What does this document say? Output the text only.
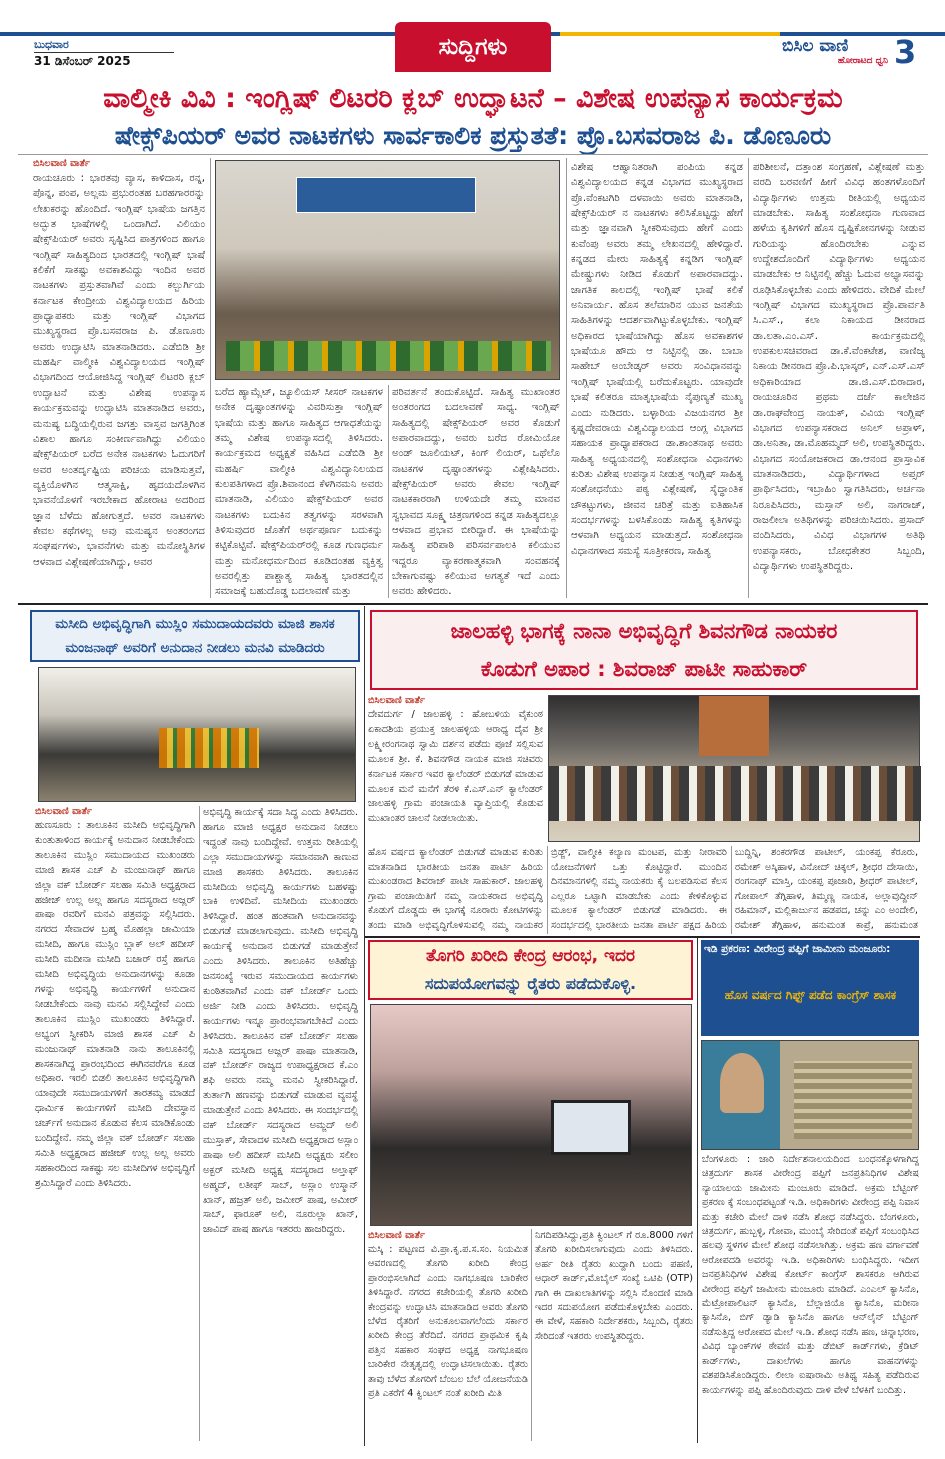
ಬುಧವಾರ
31 ಡಿಸೆಂಬರ್ 2025
ಸುದ್ದಿಗಳು	ಬಿಸಿಲ ವಾಣಿ
ಹೋರಾಟದ ಧ್ವನಿ 3
ವಾಲ್ಮೀಕಿ ವಿವಿ : ಇಂಗ್ಲಿಷ್ ಲಿಟರರಿ ಕ್ಲಬ್ ಉದ್ಘಾಟನೆ – ವಿಶೇಷ ಉಪನ್ಯಾಸ ಕಾರ್ಯಕ್ರಮ
ಷೇಕ್ಸ್‌ಪಿಯರ್ ಅವರ ನಾಟಕಗಳು ಸಾರ್ವಕಾಲಿಕ ಪ್ರಸ್ತುತತೆ: ಪ್ರೊ.ಬಸವರಾಜ ಪಿ. ಡೊಣೂರು
ಬಿಸಿಲವಾಣಿ ವಾರ್ತೆ
ರಾಯಚೂರು : ಭಾರತವು ವ್ಯಾಸ, ಕಾಳಿದಾಸ, ರನ್ನ, ಪೊನ್ನ, ಪಂಪ, ಅಲ್ಲಮ ಪ್ರಭುರಂತಹ ಬರಹಗಾರರನ್ನು ಲೇಖಕರನ್ನು ಹೊಂದಿದೆ. ಇಂಗ್ಲಿಷ್ ಭಾಷೆಯ ಜಗತ್ತಿನ ಅದ್ಭುತ ಭಾಷೆಗಳಲ್ಲಿ ಒಂದಾಗಿದೆ. ವಿಲಿಯಂ ಷೇಕ್ಸ್‌ಪಿಯರ್ ಅವರು ಸೃಷ್ಟಿಸಿದ ಪಾತ್ರಗಳಿಂದ ಹಾಗೂ ಇಂಗ್ಲಿಷ್ ಸಾಹಿತ್ಯದಿಂದ ಭಾರತದಲ್ಲಿ ಇಂಗ್ಲಿಷ್ ಭಾಷೆ ಕಲಿಕೆಗೆ ಸಾಕಷ್ಟು ಅವಕಾಶವಿದ್ದು ಇಂದಿನ ಅವರ ನಾಟಕಗಳು ಪ್ರಸ್ತುತವಾಗಿವೆ ಎಂದು ಕಲ್ಬುರ್ಗಿಯ ಕರ್ನಾಟಕ ಕೇಂದ್ರೀಯ ವಿಶ್ವವಿದ್ಯಾಲಯದ ಹಿರಿಯ ಪ್ರಾಧ್ಯಾಪಕರು ಮತ್ತು ಇಂಗ್ಲಿಷ್ ವಿಭಾಗದ ಮುಖ್ಯಸ್ಥರಾದ ಪ್ರೊ.ಬಸವರಾಜ ಪಿ. ಡೊಣೂರು ಅವರು ಉದ್ಘಾಟಿಸಿ ಮಾತನಾಡಿದರು. ಎಡೆಬಿಡಿ ಶ್ರೀ ಮಹರ್ಷಿ ವಾಲ್ಮೀಕಿ ವಿಶ್ವವಿದ್ಯಾಲಯದ ಇಂಗ್ಲಿಷ್ ವಿಭಾಗದಿಂದ ಆಯೋಜಿಸಿದ್ದ ಇಂಗ್ಲಿಷ್ ಲಿಟರರಿ ಕ್ಲಬ್ ಉದ್ಘಾಟನೆ ಮತ್ತು ವಿಶೇಷ ಉಪನ್ಯಾಸ ಕಾರ್ಯಕ್ರಮವನ್ನು ಉದ್ಘಾಟಿಸಿ ಮಾತನಾಡಿದ ಅವರು, ಮನುಷ್ಯ ಬದ್ಧಿಯಲ್ಲಿರುವ ಜಗತ್ತು ವಾಸ್ತವ ಜಗತ್ತಿಗಿಂತ ವಿಶಾಲ ಹಾಗೂ ಸಂಕೀರ್ಣವಾಗಿದ್ದು ವಿಲಿಯಂ ಷೇಕ್ಸ್‌ಪಿಯರ್ ಬರೆದ ಅನೇಕ ನಾಟಕಗಳು ಓದುಗರಿಗೆ ಅವರ ಅಂತರ್ದೃಷ್ಟಿಯ ಪರಿಚಯ ಮಾಡಿಸುತ್ತವೆ, ವ್ಯಕ್ತಿಯೊಳಗಿನ ಆತ್ಮಸಾಕ್ಷಿ, ಹೃದಯದೊಳಗಿನ ಭಾವನೆಯೊಳಗೆ ಇರಬೇಕಾದ ಹೋರಾಟ ಅದರಿಂದ ಜ್ಞಾನ ಬೆಳೆದು ಹೋಗುತ್ತದೆ. ಅವರ ನಾಟಕಗಳು ಕೇವಲ ಕಥೆಗಳಲ್ಲ ಅವು ಮನುಷ್ಯನ ಅಂತರಂಗದ ಸಂಘರ್ಷಗಳು, ಭಾವನೆಗಳು ಮತ್ತು ಮನೋಸ್ಥಿತಿಗಳ ಆಳವಾದ ವಿಶ್ಲೇಷಣೆಯಾಗಿದ್ದು, ಅವರ
ಬರೆದ ಹ್ಯಾಮ್ಲೆಟ್, ಜ್ಯೂಲಿಯಸ್ ಸೀಸರ್ ನಾಟಕಗಳ ಅನೇಕ ದೃಷ್ಟಾಂತಗಳನ್ನು ವಿವರಿಸುತ್ತಾ ಇಂಗ್ಲಿಷ್ ಭಾಷೆಯ ಮತ್ತು ಹಾಗೂ ಸಾಹಿತ್ಯದ ಆಗಾಧತೆಯನ್ನು ತಮ್ಮ ವಿಶೇಷ ಉಪನ್ಯಾಸದಲ್ಲಿ ತಿಳಿಸಿದರು. ಕಾರ್ಯಕ್ರಮದ ಅಧ್ಯಕ್ಷತೆ ವಹಿಸಿದ ಎಡೆಬಿಡಿ ಶ್ರೀ ಮಹರ್ಷಿ ವಾಲ್ಮೀಕಿ ವಿಶ್ವವಿದ್ಯಾನಿಲಯದ ಕುಲಪತಿಗಳಾದ ಪ್ರೊ.ಶಿವಾನಂದ ಕೆಳಗಿನಮನಿ ಅವರು ಮಾತನಾಡಿ, ವಿಲಿಯಂ ಷೇಕ್ಸ್‌ಪಿಯರ್ ಅವರ ನಾಟಕಗಳು ಬದುಕಿನ ತತ್ವಗಳನ್ನು ಸರಳವಾಗಿ ತಿಳಿಸುವುದರ ಜೊತೆಗೆ ಅರ್ಥಪೂರ್ಣ ಬದುಕನ್ನು ಕಟ್ಟಿಕೊಟ್ಟಿವೆ. ಷೇಕ್ಸ್‌ಪಿಯರ್‌ರಲ್ಲಿ ಕೂಡ ಗುಣಧರ್ಮ ಮತ್ತು ಮನೋಧರ್ಮದಿಂದ ಕೂಡಿದಂತಹ ವ್ಯಕ್ತಿತ್ವ ಅವರಲ್ಲಿತ್ತು ಪಾಶ್ಚಾತ್ಯ ಸಾಹಿತ್ಯ ಭಾರತದಲ್ಲಿನ ಸಮಾಜಕ್ಕೆ ಬಹುದೊಡ್ಡ ಬದಲಾವಣೆ ಮತ್ತು
ಪರಿವರ್ತನೆ ತಂದುಕೊಟ್ಟಿದೆ. ಸಾಹಿತ್ಯ ಮುಖಾಂತರ ಅಂತರಂಗದ ಬದಲಾವಣೆ ಸಾಧ್ಯ. ಇಂಗ್ಲಿಷ್ ಸಾಹಿತ್ಯದಲ್ಲಿ ಷೇಕ್ಸ್‌ಪಿಯರ್ ಅವರ ಕೊಡುಗೆ ಅಪಾರವಾದದ್ದು, ಅವರು ಬರೆದ ರೋಮಿಯೋ ಅಂಡ್ ಜೂಲಿಯಟ್, ಕಿಂಗ್ ಲಿಯರ್, ಒಥೆಲೊ ನಾಟಕಗಳ ದೃಷ್ಟಾಂತಗಳನ್ನು ವಿಶ್ಲೇಷಿಸಿದರು. ಷೇಕ್ಸ್‌ಪಿಯರ್ ಅವರು ಕೇವಲ ಇಂಗ್ಲಿಷ್ ನಾಟಕಕಾರರಾಗಿ ಉಳಿಯದೇ ತಮ್ಮ ಮಾನವ ಸ್ವಭಾವದ ಸೂಕ್ಷ್ಮ ಚಿತ್ರಣಗಳಿಂದ ಕನ್ನಡ ಸಾಹಿತ್ಯದಲ್ಲೂ ಆಳವಾದ ಪ್ರಭಾವ ಬೀರಿದ್ದಾರೆ. ಈ ಭಾಷೆಯನ್ನು ಸಾಹಿತ್ಯ ಪರಿಪಾಠಿ ಪರಿಸರ್ವಪಾಲಕಿ ಕಲಿಯುವ ಇದ್ದರೂ ವ್ಯಾಕರಣಾತ್ಮಕವಾಗಿ ಸಂವಹನಕ್ಕೆ ಬೇಕಾಗುವಷ್ಟು ಕಲಿಯುವ ಅಗತ್ಯತೆ ಇದೆ ಎಂದು ಅವರು ಹೇಳಿದರು.
ವಿಶೇಷ ಆಹ್ವಾನಿತರಾಗಿ ಪಂಪಿಯ ಕನ್ನಡ ವಿಶ್ವವಿದ್ಯಾಲಯದ ಕನ್ನಡ ವಿಭಾಗದ ಮುಖ್ಯಸ್ಥರಾದ ಪ್ರೊ.ವೆಂಕಟಗಿರಿ ದಳವಾಯಿ ಅವರು ಮಾತನಾಡಿ, ಷೇಕ್ಸ್‌ಪಿಯರ್ ನ ನಾಟಕಗಳು ಕಲಿಸಿಕೊಟ್ಟದ್ದು ಹೇಗೆ ಮತ್ತು ಜ್ಞಾನವಾಗಿ ಸ್ವೀಕರಿಸುವುದು ಹೇಗೆ ಎಂದು ಕುವೆಂಪು ಅವರು ತಮ್ಮ ಲೇಖನದಲ್ಲಿ ಹೇಳಿದ್ದಾರೆ. ಕನ್ನಡದ ಮೇರು ಸಾಹಿತ್ಯಕ್ಕೆ ಕನ್ನಡಿಗ ಇಂಗ್ಲಿಷ್ ಮೇಷ್ಟ್ರುಗಳು ನೀಡಿದ ಕೊಡುಗೆ ಅಪಾರವಾದದ್ದು. ಜಾಗತಿಕ ಕಾಲದಲ್ಲಿ ಇಂಗ್ಲಿಷ್ ಭಾಷೆ ಕಲಿಕೆ ಅನಿವಾರ್ಯ. ಹೊಸ ತಲೆಮಾರಿನ ಯುವ ಜನತೆಯ ಸಾಹಿತಿಗಳನ್ನು ಆದರ್ಶವಾಗಿಟ್ಟುಕೊಳ್ಳಬೇಕು. ಇಂಗ್ಲಿಷ್ ಅಧಿಕಾರದ ಭಾಷೆಯಾಗಿದ್ದು ಹೊಸ ಅವಕಾಶಗಳ ಭಾಷೆಯೂ ಹೌದು ಆ ನಿಟ್ಟಿನಲ್ಲಿ ಡಾ. ಬಾಬಾ ಸಾಹೇಬ್ ಅಂಬೇಡ್ಕರ್ ಅವರು ಸಂವಿಧಾನವನ್ನು ಇಂಗ್ಲಿಷ್ ಭಾಷೆಯಲ್ಲಿ ಬರೆದುಕೊಟ್ಟರು. ಯಾವುದೇ ಭಾಷೆ ಕಲಿತರೂ ಮಾತೃಭಾಷೆಯ ನೈಪುಣ್ಯತೆ ಮುಖ್ಯ ಎಂದು ನುಡಿದರು. ಬಳ್ಳಾರಿಯ ವಿಜಯನಗರ ಶ್ರೀ ಕೃಷ್ಣದೇವರಾಯ ವಿಶ್ವವಿದ್ಯಾಲಯದ ಆಂಗ್ಲ ವಿಭಾಗದ ಸಹಾಯಕ ಪ್ರಾಧ್ಯಾಪಕರಾದ ಡಾ.ಶಾಂತನಾಥ ಅವರು ಸಾಹಿತ್ಯ ಅಧ್ಯಯನದಲ್ಲಿ ಸಂಶೋಧನಾ ವಿಧಾನಗಳು ಕುರಿತು ವಿಶೇಷ ಉಪನ್ಯಾಸ ನೀಡುತ್ತ ಇಂಗ್ಲಿಷ್ ಸಾಹಿತ್ಯ ಸಂಶೋಧನೆಯು ಪಠ್ಯ ವಿಶ್ಲೇಷಣೆ, ಸೈದ್ಧಾಂತಿಕ ಚೌಕಟ್ಟುಗಳು, ಜೀವನ ಚರಿತ್ರೆ ಮತ್ತು ಐತಿಹಾಸಿಕ ಸಂದರ್ಭಗಳನ್ನು ಬಳಸಿಕೊಂಡು ಸಾಹಿತ್ಯ ಕೃತಿಗಳನ್ನು ಆಳವಾಗಿ ಅಧ್ಯಯನ ಮಾಡುತ್ತದೆ. ಸಂಶೋಧನಾ ವಿಧಾನಗಳಾದ ಸಮಸ್ಯೆ ಸೂತ್ರೀಕರಣ, ಸಾಹಿತ್ಯ
ಪರಿಶೀಲನೆ, ದತ್ತಾಂಶ ಸಂಗ್ರಹಣೆ, ವಿಶ್ಲೇಷಣೆ ಮತ್ತು ವರದಿ ಬರವಣಿಗೆ ಹೀಗೆ ವಿವಿಧ ಹಂತಗಳೊಂದಿಗೆ ವಿದ್ಯಾರ್ಥಿಗಳು ಉತ್ತಮ ರೀತಿಯಲ್ಲಿ ಅಧ್ಯಯನ ಮಾಡಬೇಕು. ಸಾಹಿತ್ಯ ಸಂಶೋಧನಾ ಗುಣವಾದ ಹಳೆಯ ಕೃತಿಗಳಿಗೆ ಹೊಸ ದೃಷ್ಟಿಕೋನಗಳನ್ನು ನೀಡುವ ಗುರಿಯನ್ನು ಹೊಂದಿರಬೇಕು ಎನ್ನುವ ಉದ್ದೇಶದೊಂದಿಗೆ ವಿದ್ಯಾರ್ಥಿಗಳು ಅಧ್ಯಯನ ಮಾಡಬೇಕು ಆ ನಿಟ್ಟಿನಲ್ಲಿ ಹೆಚ್ಚು ಓದುವ ಅಭ್ಯಾಸವನ್ನು ರೂಢಿಸಿಕೊಳ್ಳಬೇಕು ಎಂದು ಹೇಳಿದರು. ವೇದಿಕೆ ಮೇಲೆ ಇಂಗ್ಲಿಷ್ ವಿಭಾಗದ ಮುಖ್ಯಸ್ಥರಾದ ಪ್ರೊ.ಪಾರ್ವತಿ ಸಿ.ಎಸ್., ಕಲಾ ನಿಕಾಯದ ಡೀನರಾದ ಡಾ.ಲತಾ.ಎಂ.ಎಸ್. ಕಾರ್ಯಕ್ರಮದಲ್ಲಿ ಉಪಕುಲಸಚಿವರಾದ ಡಾ.ಕೆ.ವೆಂಕಟೇಶ, ವಾಣಿಜ್ಯ ನಿಕಾಯ ಡೀನರಾದ ಪ್ರೊ.ಪಿ.ಭಾಸ್ಕರ್, ಎನ್.ಎಸ್.ಎಸ್ ಅಧಿಕಾರಿಯಾದ ಡಾ.ಜಿ.ಎಸ್.ಬಿರಾದಾರ, ರಾಯಚೂರಿನ ಪ್ರಥಮ ದರ್ಜೆ ಕಾಲೇಜಿನ ಡಾ.ರಾಘವೇಂದ್ರ ನಾಯಕ್, ವಿವಿಯ ಇಂಗ್ಲಿಷ್ ವಿಭಾಗದ ಉಪನ್ಯಾಸಕರಾದ ಅನಿಲ್ ಅಪ್ರಾಳ್, ಡಾ.ಅನಿತಾ, ಡಾ.ಮೊಹಮ್ಮದ್ ಅಲಿ, ಉಪಸ್ಥಿತರಿದ್ದರು. ವಿಭಾಗದ ಸಂಯೋಜಕರಾದ ಡಾ.ಆನಂದ ಪ್ರಾಸ್ತಾವಿಕ ಮಾತನಾಡಿದರು, ವಿದ್ಯಾರ್ಥಿಗಳಾದ ಅಪ್ಸರ್ ಪ್ರಾರ್ಥಿಸಿದರು, ಇಬ್ರಾಹಿಂ ಸ್ವಾಗತಿಸಿದರು, ಅರ್ಚನಾ ನಿರೂಪಿಸಿದರು, ಮಸ್ತಾನ್ ಅಲಿ, ನಾಗರಾಜ್, ರಾಜಲೀಲಾ ಅತಿಥಿಗಳನ್ನು ಪರಿಚಯಿಸಿದರು. ಪ್ರಸಾದ್ ವಂದಿಸಿದರು, ವಿವಿಧ ವಿಭಾಗಗಳ ಅತಿಥಿ ಉಪನ್ಯಾಸಕರು, ಬೋಧಕೇತರ ಸಿಬ್ಬಂದಿ, ವಿದ್ಯಾರ್ಥಿಗಳು ಉಪಸ್ಥಿತರಿದ್ದರು.
ಮಸೀದಿ ಅಭಿವೃದ್ಧಿಗಾಗಿ ಮುಸ್ಲಿಂ ಸಮುದಾಯದವರು ಮಾಜಿ ಶಾಸಕ
ಮಂಜನಾಥ್ ಅವರಿಗೆ ಅನುದಾನ ನೀಡಲು ಮನವಿ ಮಾಡಿದರು
ಬಿಸಿಲವಾಣಿ ವಾರ್ತೆ
ಹುಣಸೂರು : ತಾಲೂಕಿನ ಮಸೀದಿ ಅಭಿವೃದ್ಧಿಗಾಗಿ ಕುಂತುತಾಳಿಂದ ಕಾರ್ಯಕ್ಕೆ ಅನುದಾನ ನೀಡಬೇಕೆಂದು ತಾಲೂಕಿನ ಮುಸ್ಲಿಂ ಸಮುದಾಯದ ಮುಖಂಡರು ಮಾಜಿ ಶಾಸಕ ಎಚ್ ಪಿ ಮಂಜುನಾಥ್ ಹಾಗೂ ಜಿಲ್ಲಾ ವಕ್ ಬೋರ್ಡ್ ಸಲಹಾ ಸಮಿತಿ ಅಧ್ಯಕ್ಷರಾದ ಹಜೀಜ್ ಉಲ್ಲ ಅಲ್ಲ ಹಾಗೂ ಸದಸ್ಯರಾದ ಅಜ್ಲರ್ ಪಾಷಾ ರವರಿಗೆ ಮನವಿ ಪತ್ರವನ್ನು ಸಲ್ಲಿಸಿದರು. ನಗರದ ಸೇವಾದಳ ಬ್ರಹ್ಮ ಮೊಹಲ್ಲಾ ಜಾಮಿಯಾ ಮಸೀದಿ, ಹಾಗೂ ಮುಸ್ಲಿಂ ಬ್ಲಾಕ್ ಅಲ್ ಹದೀಸ್ ಮಸೀದಿ ಮದೀನಾ ಮಸೀದಿ ಬಜಾರ್ ರಸ್ತೆ ಹಾಗೂ ಮಸೀದಿ ಅಭಿವೃದ್ಧಿಯ ಅನುದಾನಗಳನ್ನು ಕೂಡಾ ಗಳನ್ನು ಅಭಿವೃದ್ಧಿ ಕಾರ್ಯಗಳಿಗೆ ಅನುದಾನ ನೀಡಬೇಕೆಂದು ನಾವು ಮನವಿ ಸಲ್ಲಿಸಿದ್ದೇವೆ ಎಂದು ತಾಲೂಕಿನ ಮುಸ್ಲಿಂ ಮುಖಂಡರು ತಿಳಿಸಿದ್ದಾರೆ. ಅಭ್ಯಂಗ ಸ್ವೀಕರಿಸಿ ಮಾಜಿ ಶಾಸಕ ಎಚ್ ಪಿ ಮಂಜುನಾಥ್ ಮಾತನಾಡಿ ನಾನು ತಾಲೂಕಿನಲ್ಲಿ ಶಾಸಕನಾಗಿದ್ದ ಪ್ರಾರಂಭದಿಂದ ಈಗಿನವರೆಗೂ ಕೂಡ ಅಧಿಕಾರ. ಇರಲಿ ಬಿಡಲಿ ತಾಲೂಕಿನ ಅಭಿವೃದ್ಧಿಗಾಗಿ ಯಾವುದೇ ಸಮುದಾಯಗಳಿಗೆ ತಾರತಮ್ಯ ಮಾಡದೆ ಧಾರ್ಮಿಕ ಕಾರ್ಯಗಳಿಗೆ ಮಸೀದಿ ದೇವಸ್ಥಾನ ಚರ್ಚ್‌ಗೆ ಅನುದಾನ ಕೊಡುವ ಕೆಲಸ ಮಾಡಿಕೊಂಡು ಬಂದಿದ್ದೇನೆ. ನಮ್ಮ ಜಿಲ್ಲಾ ವಕ್ ಬೋರ್ಡ್ ಸಲಹಾ ಸಮಿತಿ ಅಧ್ಯಕ್ಷರಾದ ಹಜೀಜ್ ಉಲ್ಲ ಅಲ್ಲ ಅವರು ಸಹಕಾರದಿಂದ ಸಾಕಷ್ಟು ಸಲ ಮಸೀದಿಗಳ ಅಭಿವೃದ್ಧಿಗೆ ಶ್ರಮಿಸಿದ್ದಾರೆ ಎಂದು ತಿಳಿಸಿದರು.
ಅಭಿವೃದ್ಧಿ ಕಾರ್ಯಕ್ಕೆ ಸದಾ ಸಿದ್ಧ ಎಂದು ತಿಳಿಸಿದರು. ಹಾಗೂ ಮಾಜಿ ಅಧ್ಯಕ್ಷರ ಅನುದಾನ ನೀಡಲು ಇದ್ದಂತೆ ನಾವು ಬಂದಿದ್ದೇವೆ. ಉತ್ತಮ ರೀತಿಯಲ್ಲಿ ಎಲ್ಲಾ ಸಮುದಾಯಗಳನ್ನು ಸಮಾನವಾಗಿ ಕಾಣುವ ಮಾಜಿ ಶಾಸಕರು ತಿಳಿಸಿದರು. ತಾಲೂಕಿನ ಮಸೀದಿಯ ಅಭಿವೃದ್ಧಿ ಕಾರ್ಯಗಳು ಬಹಳಷ್ಟು ಬಾಕಿ ಉಳಿದಿವೆ. ಮಸೀದಿಯ ಮುಖಂಡರು ತಿಳಿಸಿದ್ದಾರೆ. ಹಂತ ಹಂತವಾಗಿ ಅನುದಾನವನ್ನು ಬಿಡುಗಡೆ ಮಾಡಲಾಗುವುದು. ಮಸೀದಿ ಅಭಿವೃದ್ಧಿ ಕಾರ್ಯಕ್ಕೆ ಅನುದಾನ ಬಿಡುಗಡೆ ಮಾಡುತ್ತೇನೆ ಎಂದು ತಿಳಿಸಿದರು. ತಾಲೂಕಿನ ಅತಿಹೆಚ್ಚು ಜನಸಂಖ್ಯೆ ಇರುವ ಸಮುದಾಯದ ಕಾರ್ಯಗಳು ಕುಂಠಿತವಾಗಿವೆ ಎಂದು ವಕ್ ಬೋರ್ಡ್ ಒಂದು ಅರ್ಜಿ ನೀಡಿ ಎಂದು ತಿಳಿಸಿದರು. ಅಭಿವೃದ್ಧಿ ಕಾರ್ಯಗಳು ಇನ್ನೂ ಪ್ರಾರಂಭವಾಗಬೇಕಿದೆ ಎಂದು ತಿಳಿಸಿದರು. ತಾಲೂಕಿನ ವಕ್ ಬೋರ್ಡ್ ಸಲಹಾ ಸಮಿತಿ ಸದಸ್ಯರಾದ ಅಜ್ಲರ್ ಪಾಷಾ ಮಾತನಾಡಿ, ವಕ್ ಬೋರ್ಡ್ ರಾಜ್ಯದ ಉಪಾಧ್ಯಕ್ಷರಾದ ಕೆ.ಎಂ ಶಫಿ ಅವರು ನಮ್ಮ ಮನವಿ ಸ್ವೀಕರಿಸಿದ್ದಾರೆ. ತುರ್ತಾಗಿ ಹಣವನ್ನು ಬಿಡುಗಡೆ ಮಾಡುವ ವ್ಯವಸ್ಥೆ ಮಾಡುತ್ತೇನೆ ಎಂದು ತಿಳಿಸಿದರು. ಈ ಸಂದರ್ಭದಲ್ಲಿ ವಕ್ ಬೋರ್ಡ್ ಸದಸ್ಯರಾದ ಅಮ್ಜದ್ ಅಲಿ ಮುಸ್ತಾಕ್, ಸೇವಾದಳ ಮಸೀದಿ ಅಧ್ಯಕ್ಷರಾದ ಅಸ್ಲಾಂ ಪಾಷಾ ಅಲಿ ಹದೀಸ್ ಮಸೀದಿ ಅಧ್ಯಕ್ಷರು ಸಲೀಂ ಅಕ್ಬರ್ ಮಸೀದಿ ಅಧ್ಯಕ್ಷ ಸದಸ್ಯರಾದ ಅಲ್ತಾಫ್ ಅಹ್ಮದ್, ಲತೀಫ್ ಸಾಬ್, ಅಸ್ಲಾಂ ಉಸ್ಮಾನ್ ಖಾನ್, ಹಜ್ರತ್ ಅಲಿ, ಜಮೀರ್ ಪಾಷ, ಅಮೀರ್ ಸಾಬ್, ಫಾರೂಕ್ ಅಲಿ, ನೂರುಲ್ಲಾ ಖಾನ್, ಜಾವಿದ್ ಪಾಷ ಹಾಗೂ ಇತರರು ಹಾಜರಿದ್ದರು.
ಜಾಲಹಳ್ಳಿ ಭಾಗಕ್ಕೆ ನಾನಾ ಅಭಿವೃದ್ಧಿಗೆ ಶಿವನಗೌಡ ನಾಯಕರ
ಕೊಡುಗೆ ಅಪಾರ : ಶಿವರಾಜ್ ಪಾಟೀ ಸಾಹುಕಾರ್
ಬಿಸಿಲವಾಣಿ ವಾರ್ತೆ
ದೇವದುರ್ಗ / ಜಾಲಹಳ್ಳಿ : ಹೋಬಳಿಯ ವೈಕುಂಠ ಏಕಾದಶಿಯ ಪ್ರಯುಕ್ತ ಜಾಲಹಳ್ಳಿಯ ಆರಾಧ್ಯ ದೈವ ಶ್ರೀ ಲಕ್ಷ್ಮೀರಂಗನಾಥ ಸ್ವಾಮಿ ದರ್ಶನ ಪಡೆದು ಪೂಜೆ ಸಲ್ಲಿಸುವ ಮೂಲಕ ಶ್ರೀ. ಕೆ. ಶಿವನಗೌಡ ನಾಯಕ ಮಾಜಿ ಸಚಿವರು ಕರ್ನಾಟಕ ಸರ್ಕಾರ ಇವರ ಕ್ಯಾಲೆಂಡರ್ ಬಿಡುಗಡೆ ಮಾಡುವ ಮೂಲಕ ಮನೆ ಮನೆಗೆ ತೆರಳಿ ಕೆ.ಎಸ್.ಎನ್ ಕ್ಯಾಲೆಂಡರ್ ಜಾಲಹಳ್ಳಿ ಗ್ರಾಮ ಪಂಚಾಯತಿ ವ್ಯಾಪ್ತಿಯಲ್ಲಿ ಕೊಡುವ ಮುಖಾಂತರ ಚಾಲನೆ ನೀಡಲಾಯಿತು.
ಹೊಸ ವರ್ಷದ ಕ್ಯಾಲೆಂಡರ್ ಬಿಡುಗಡೆ ಮಾಡುವ ಕುರಿತು ಮಾತನಾಡಿದ ಭಾರತೀಯ ಜನತಾ ಪಾರ್ಟಿ ಹಿರಿಯ ಮುಖಂಡರಾದ ಶಿವರಾಜ್ ಪಾಟೀ ಸಾಹುಕಾರ್. ಜಾಲಹಳ್ಳಿ ಗ್ರಾಮ ಪಂಚಾಯಿತಿಗೆ ನಮ್ಮ ನಾಯಕರಾದ ಅಭಿವೃದ್ಧಿ ಕೊಡುಗೆ ದೊಡ್ಡದು ಈ ಭಾಗಕ್ಕೆ ನೂರಾರು ಕೋಟಿಗಳನ್ನು ತಂದು ಮಾಡಿ ಅಭಿವೃದ್ಧಿಗೊಳಿಸುವಲ್ಲಿ ನಮ್ಮ ನಾಯಕರ
ಬ್ರಿಡ್ಜ್, ವಾಲ್ಮೀಕಿ ಕಲ್ಯಾಣ ಮಂಟಪ, ಮತ್ತು ನೀರಾವರಿ ಯೋಜನೆಗಳಿಗೆ ಒತ್ತು ಕೊಟ್ಟಿದ್ದಾರೆ. ಮುಂದಿನ ದಿನಮಾನಗಳಲ್ಲಿ ನಮ್ಮ ನಾಯಕರು ಕೈ ಬಲಪಡಿಸುವ ಕೆಲಸ ಎಲ್ಲರೂ ಒಟ್ಟಾಗಿ ಮಾಡಬೇಕು ಎಂದು ಕೇಳಿಕೊಳ್ಳುವ ಮೂಲಕ ಕ್ಯಾಲೆಂಡರ್ ಬಿಡುಗಡೆ ಮಾಡಿದರು. ಈ ಸಂದರ್ಭದಲ್ಲಿ ಭಾರತೀಯ ಜನತಾ ಪಾರ್ಟಿ ಪಕ್ಷದ ಹಿರಿಯ
ಬುದ್ದಿನ್ನಿ, ಶಂಕರಗೌಡ ಪಾಟೀಲ್, ಯಂಕಪ್ಪ ಕೆರೂರು, ರಮೇಶ್ ಅಸ್ಕಿಹಾಳ, ವಿನೋದ್ ಚಿಕ್ಕಲ್, ಶ್ರೀಧರ ದೇಸಾಯಿ, ರಂಗನಾಥ್ ಮಾಸ್ತಿ, ಯಂಕಪ್ಪ ಪೂಜಾರಿ, ಶ್ರೀಧರ್ ಪಾಟೀಲ್, ಗೋಪಾಲ್ ತೆಗ್ಗಿಹಾಳ, ತಿಮ್ಮಣ್ಣ ನಾಯಕ, ಅಲ್ಲಾವುದ್ದೀನ್ ರಹಿಮಾನ್, ಮಲ್ಲಿಕಾರ್ಜುನ ಹಡಪದ, ಚನ್ನು ಎಂ ಅಂದೇಲಿ, ರಮೇಶ್ ತೆಗ್ಗಿಹಾಳ, ಹನುಮಂತ ಕಾಪ್ರೆ, ಹನುಮಂತ
ತೊಗರಿ ಖರೀದಿ ಕೇಂದ್ರ ಆರಂಭ, ಇದರ
ಸದುಪಯೋಗವನ್ನು ರೈತರು ಪಡೆದುಕೊಳ್ಳಿ.
ಬಿಸಿಲವಾಣಿ ವಾರ್ತೆ
ಮಸ್ಕಿ : ಪಟ್ಟಣದ ವಿ.ಪ್ರಾ.ಕೃ.ಪ.ಸ.ಸಂ. ನಿಯಮಿತ ಆವರಣದಲ್ಲಿ ತೊಗರಿ ಖರೀದಿ ಕೇಂದ್ರ ಪ್ರಾರಂಭಿಸಲಾಗಿದೆ ಎಂದು ನಾಗಭೂಷಣ ಬಾರಿಕೇರ ತಿಳಿಸಿದ್ದಾರೆ. ನಗರದ ಕಚೇರಿಯಲ್ಲಿ ತೊಗರಿ ಖರೀದಿ ಕೇಂದ್ರವನ್ನು ಉದ್ಘಾಟಿಸಿ ಮಾತನಾಡಿದ ಅವರು ತೊಗರಿ ಬೆಳೆದ ರೈತರಿಗೆ ಅನುಕೂಲವಾಗಲೆಂದು ಸರ್ಕಾರ ಖರೀದಿ ಕೇಂದ್ರ ತೆರೆದಿದೆ. ನಗರದ ಪ್ರಾಥಮಿಕ ಕೃಷಿ ಪತ್ತಿನ ಸಹಕಾರ ಸಂಘದ ಅಧ್ಯಕ್ಷ ನಾಗಭೂಷಣ ಬಾರಿಕೇರ ನೇತೃತ್ವದಲ್ಲಿ ಉದ್ಘಾಟಿಸಲಾಯಿತು. ರೈತರು ತಾವು ಬೆಳೆದ ತೊಗರಿಗೆ ಬೆಂಬಲ ಬೆಲೆ ಯೋಜನೆಯಡಿ ಪ್ರತಿ ಎಕರೆಗೆ 4 ಕ್ವಿಂಟಲ್ ನಂತೆ ಖರೀದಿ ಮಿತಿ
ನಿಗದಿಪಡಿಸಿದ್ದು,ಪ್ರತಿ ಕ್ವಿಂಟಲ್ ಗೆ ರೂ.8000 ಗಳಿಗೆ ತೊಗರಿ ಖರೀದಿಸಲಾಗುವುದು ಎಂದು ತಿಳಿಸಿದರು. ಅರ್ಹ ರೀತಿ ರೈತರು ಖುದ್ದಾಗಿ ಬಂದು ಪಹಣಿ, ಆಧಾರ್ ಕಾರ್ಡ್,ಮೊಬೈಲ್ ಸಂಖ್ಯೆ ಒಟಿಪಿ (OTP) ಗಾಗಿ ಈ ದಾಖಲಾತಿಗಳನ್ನು ಸಲ್ಲಿಸಿ ನೊಂದಣಿ ಮಾಡಿ ಇದರ ಸದುಪಯೋಗ ಪಡೆದುಕೊಳ್ಳಬೇಕು ಎಂದರು. ಈ ವೇಳೆ, ಸಹಕಾರಿ ನಿರ್ದೇಶಕರು, ಸಿಬ್ಬಂದಿ, ರೈತರು ಸೇರಿದಂತೆ ಇತರರು ಉಪಸ್ಥಿತರಿದ್ದರು.
ಇಡಿ ಪ್ರಕರಣ: ವೀರೇಂದ್ರ ಪಪ್ಪಿಗೆ ಜಾಮೀನು ಮಂಜೂರು:
ಹೊಸ ವರ್ಷದ ಗಿಫ್ಟ್ ಪಡೆದ ಕಾಂಗ್ರೆಸ್ ಶಾಸಕ
ಬೆಂಗಳೂರು : ಜಾರಿ ನಿರ್ದೇಶನಾಲಯದಿಂದ ಬಂಧನಕ್ಕೊಳಗಾಗಿದ್ದ ಚಿತ್ರದುರ್ಗ ಶಾಸಕ ವೀರೇಂದ್ರ ಪಪ್ಪಿಗೆ ಜನಪ್ರತಿನಿಧಿಗಳ ವಿಶೇಷ ನ್ಯಾಯಾಲಯ ಜಾಮೀನು ಮಂಜೂರು ಮಾಡಿದೆ. ಅಕ್ರಮ ಬೆಟ್ಟಿಂಗ್ ಪ್ರಕರಣ ಕ್ಕೆ ಸಂಬಂಧಪಟ್ಟಂತೆ ಇ.ಡಿ. ಅಧಿಕಾರಿಗಳು ವೀರೇಂದ್ರ ಪಪ್ಪಿ ನಿವಾಸ ಮತ್ತು ಕಚೇರಿ ಮೇಲೆ ದಾಳಿ ನಡೆಸಿ ಶೋಧ ನಡೆಸಿದ್ದರು. ಬೆಂಗಳೂರು, ಚಿತ್ರದುರ್ಗ, ಹುಬ್ಬಳ್ಳಿ, ಗೋವಾ, ಮುಂಬೈ ಸೇರಿದಂತೆ ಪಪ್ಪಿಗೆ ಸಂಬಂಧಿಸಿದ ಹಲವು ಸ್ಥಳಗಳ ಮೇಲೆ ಶೋಧ ನಡೆಸಲಾಗಿತ್ತು. ಅಕ್ರಮ ಹಣ ವರ್ಗಾವಣೆ ಆರೋಪದಡಿ ಅವರನ್ನು ಇ.ಡಿ. ಅಧಿಕಾರಿಗಳು ಬಂಧಿಸಿದ್ದರು. ಇದೀಗ ಜನಪ್ರತಿನಿಧಿಗಳ ವಿಶೇಷ ಕೋರ್ಟ್ ಕಾಂಗ್ರೆಸ್ ಶಾಸಕರೂ ಆಗಿರುವ ವೀರೇಂದ್ರ ಪಪ್ಪಿಗೆ ಜಾಮೀನು ಮಂಜೂರು ಮಾಡಿದೆ. ಎಂಎಲ್ ಕ್ಯಾಸಿನೊ, ಮೆಟ್ರೋಪಾಲಿಟನ್ ಕ್ಯಾಸಿನೊ, ಬೆಲ್ಲಾಜಿಯೊ ಕ್ಯಾಸಿನೊ, ಮರೀನಾ ಕ್ಯಾಸಿನೊ, ಬಿಗ್ ಡ್ಯಾಡಿ ಕ್ಯಾಸಿನೊ ಹಾಗೂ ಆನ್‌ಲೈನ್ ಬೆಟ್ಟಿಂಗ್ ನಡೆಸುತ್ತಿದ್ದ ಆರೋಪದ ಮೇಲೆ ಇ.ಡಿ. ಶೋಧ ನಡೆಸಿ ಹಣ, ಚಿನ್ನಾಭರಣ, ವಿವಿಧ ಬ್ಯಾಂಕ್‌ಗಳ ಠೇವಣಿ ಮತ್ತು ಡೆಬಿಟ್ ಕಾರ್ಡ್‌ಗಳು, ಕ್ರೆಡಿಟ್ ಕಾರ್ಡ್‌ಗಳು, ದಾಖಲೆಗಳು ಹಾಗೂ ವಾಹನಗಳನ್ನು ವಶಪಡಿಸಿಕೊಂಡಿದ್ದರು. ಲೀಲಾ ಐಷಾರಾಮಿ ಅತಿಥ್ಯ ಸಹಿತ್ಯ ಪಡೆದಿರುವ ಕಾರ್ಯಗಳನ್ನು ಪಪ್ಪಿ ಹೊಂದಿರುವುದು ದಾಳಿ ವೇಳೆ ಬೆಳಕಿಗೆ ಬಂದಿತ್ತು.
